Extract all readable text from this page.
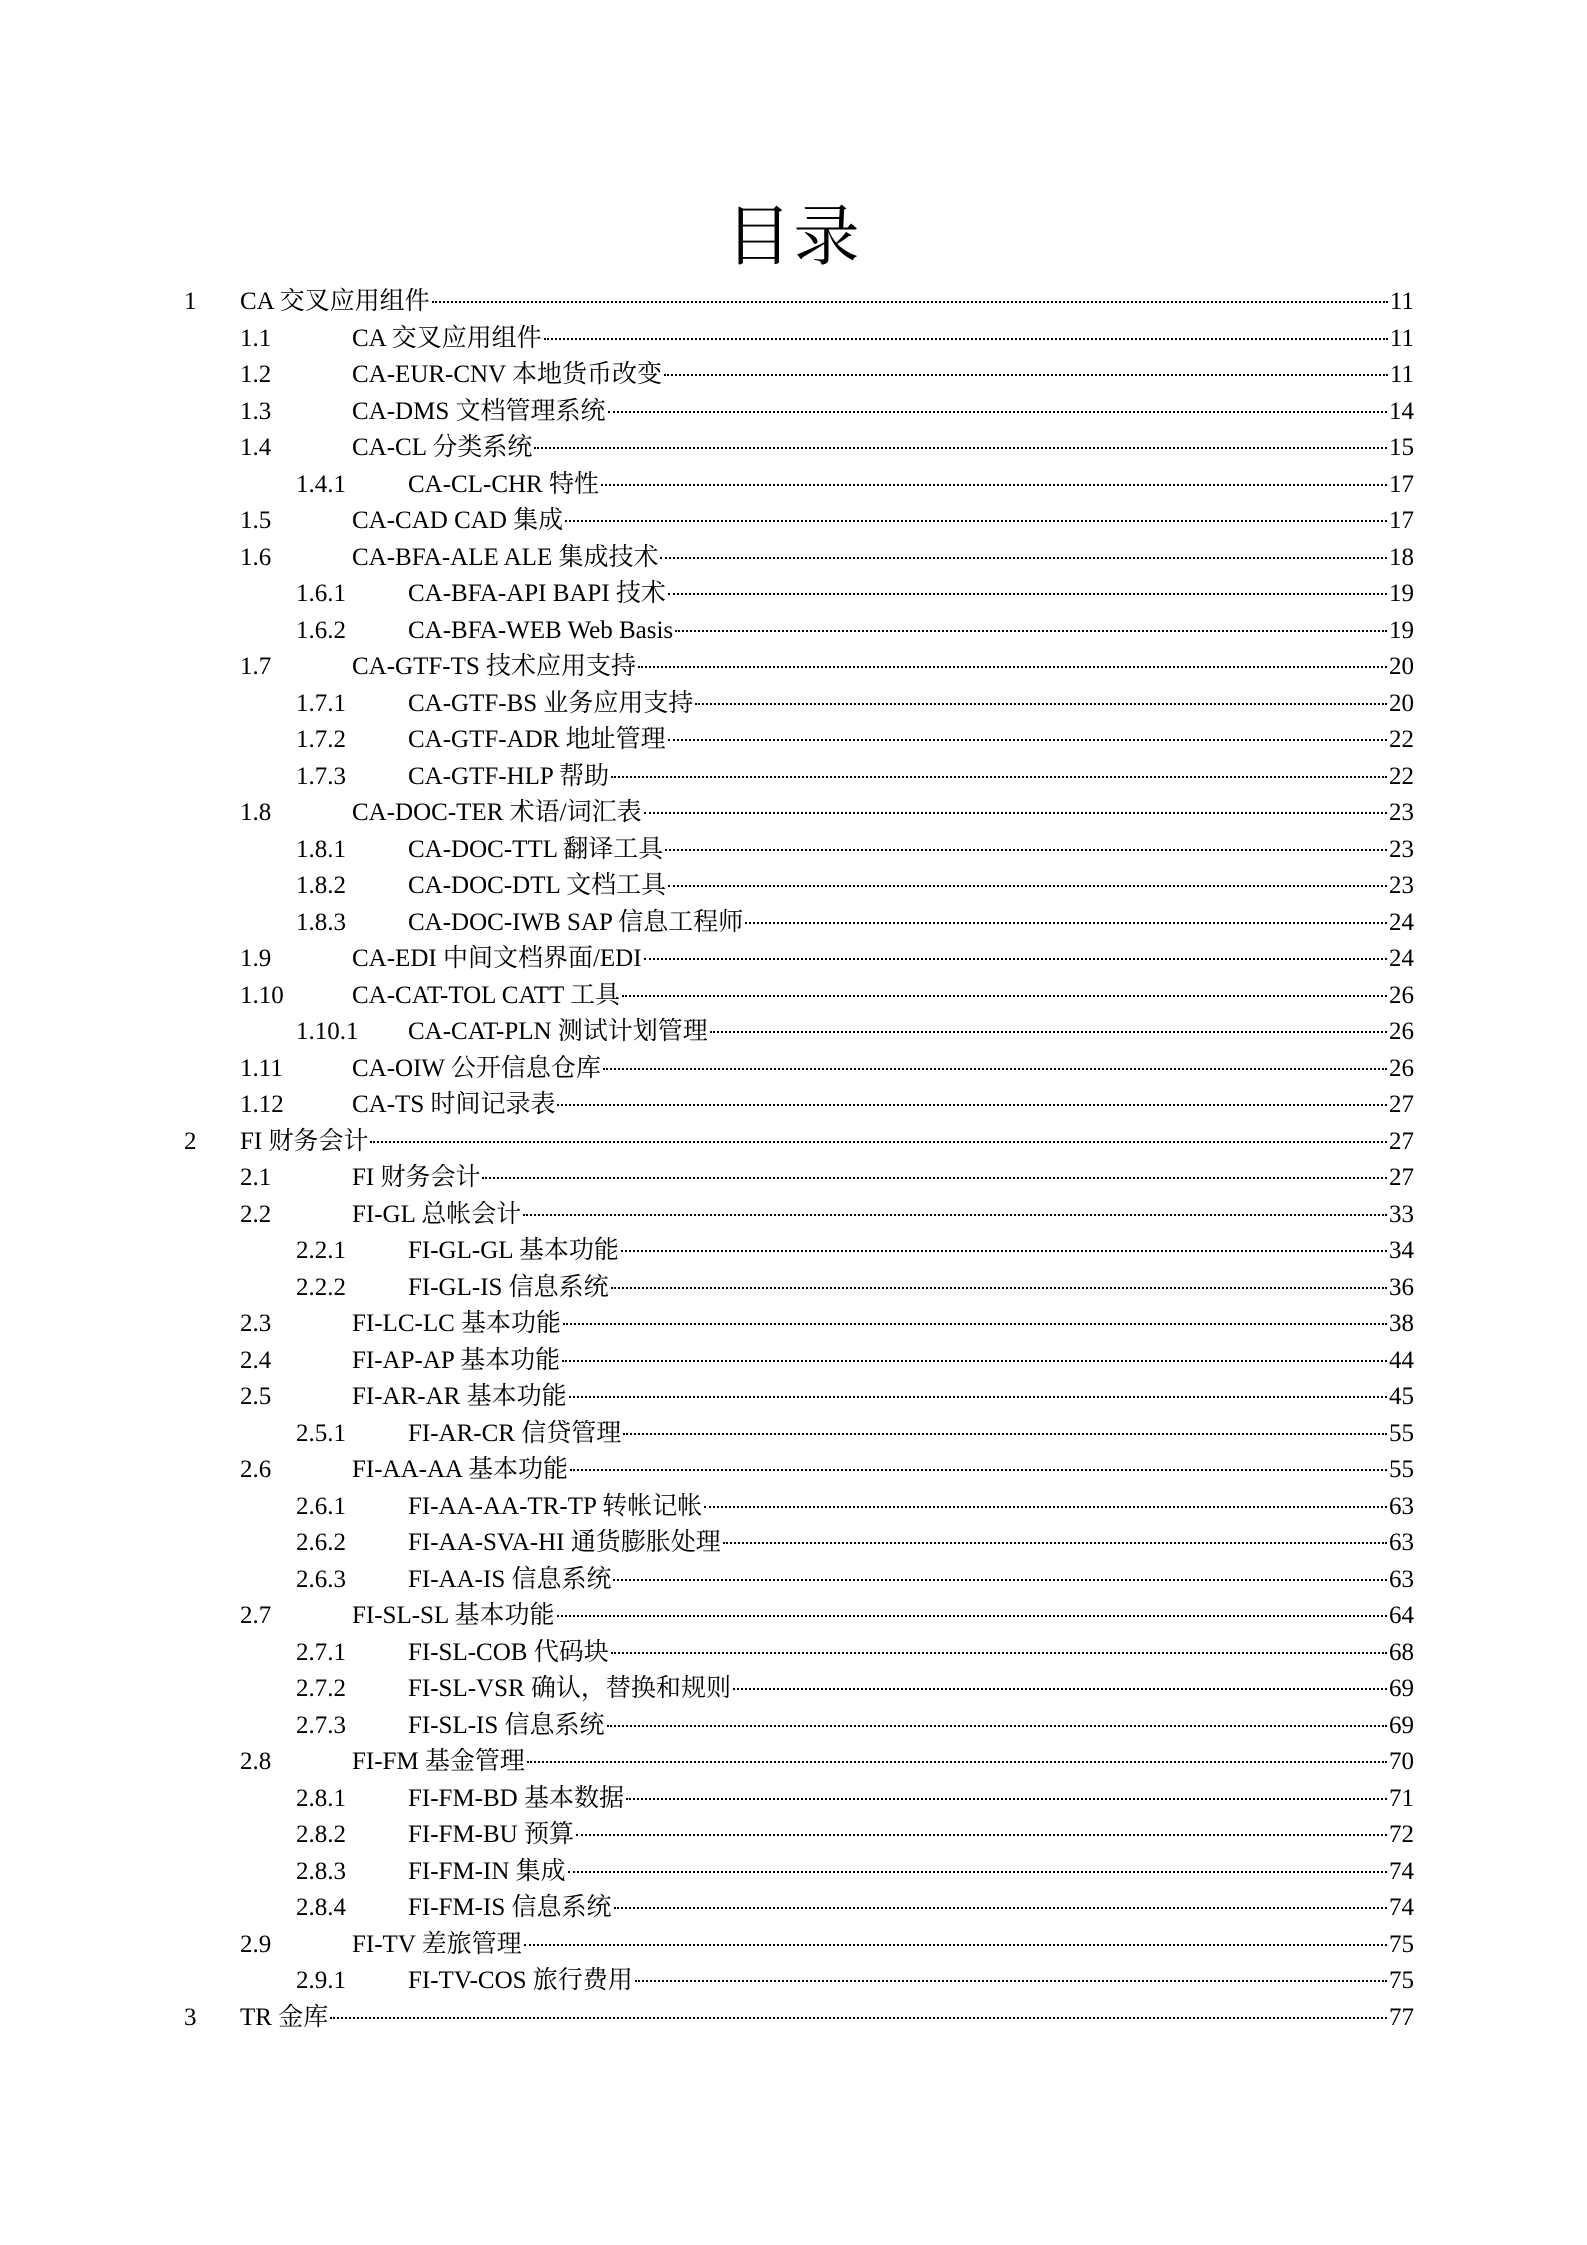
目录
1	CA 交叉应用组件	11
1.1	CA 交叉应用组件	11
1.2	CA-EUR-CNV 本地货币改变	11
1.3	CA-DMS 文档管理系统	14
1.4	CA-CL 分类系统	15
1.4.1	CA-CL-CHR 特性	17
1.5	CA-CAD CAD 集成	17
1.6	CA-BFA-ALE ALE 集成技术	18
1.6.1	CA-BFA-API BAPI 技术	19
1.6.2	CA-BFA-WEB Web Basis	19
1.7	CA-GTF-TS 技术应用支持	20
1.7.1	CA-GTF-BS 业务应用支持	20
1.7.2	CA-GTF-ADR 地址管理	22
1.7.3	CA-GTF-HLP 帮助	22
1.8	CA-DOC-TER 术语/词汇表	23
1.8.1	CA-DOC-TTL 翻译工具	23
1.8.2	CA-DOC-DTL 文档工具	23
1.8.3	CA-DOC-IWB SAP 信息工程师	24
1.9	CA-EDI 中间文档界面/EDI	24
1.10	CA-CAT-TOL CATT 工具	26
1.10.1	CA-CAT-PLN 测试计划管理	26
1.11	CA-OIW 公开信息仓库	26
1.12	CA-TS 时间记录表	27
2	FI 财务会计	27
2.1	FI 财务会计	27
2.2	FI-GL 总帐会计	33
2.2.1	FI-GL-GL 基本功能	34
2.2.2	FI-GL-IS 信息系统	36
2.3	FI-LC-LC 基本功能	38
2.4	FI-AP-AP 基本功能	44
2.5	FI-AR-AR 基本功能	45
2.5.1	FI-AR-CR 信贷管理	55
2.6	FI-AA-AA 基本功能	55
2.6.1	FI-AA-AA-TR-TP 转帐记帐	63
2.6.2	FI-AA-SVA-HI 通货膨胀处理	63
2.6.3	FI-AA-IS 信息系统	63
2.7	FI-SL-SL 基本功能	64
2.7.1	FI-SL-COB 代码块	68
2.7.2	FI-SL-VSR 确认，替换和规则	69
2.7.3	FI-SL-IS 信息系统	69
2.8	FI-FM 基金管理	70
2.8.1	FI-FM-BD 基本数据	71
2.8.2	FI-FM-BU 预算	72
2.8.3	FI-FM-IN 集成	74
2.8.4	FI-FM-IS 信息系统	74
2.9	FI-TV 差旅管理	75
2.9.1	FI-TV-COS 旅行费用	75
3	TR 金库	77
